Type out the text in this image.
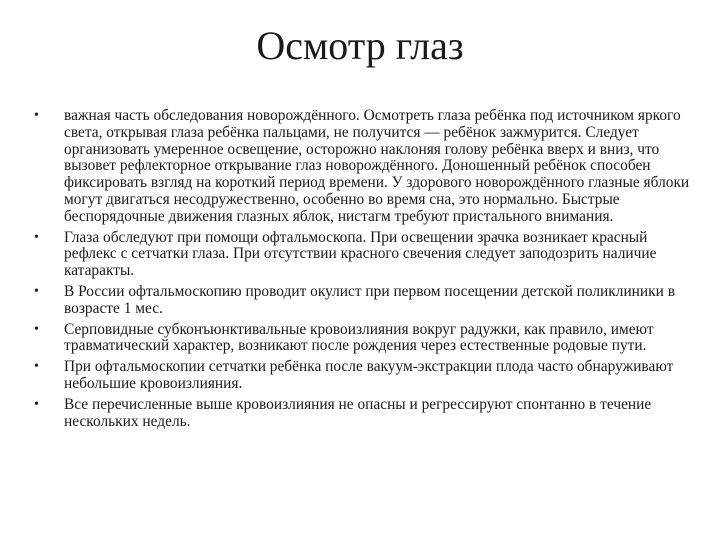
Осмотр глаз
• важная часть обследования новорождённого. Осмотреть глаза ребёнка под источником яркого света, открывая глаза ребёнка пальцами, не получится — ребёнок зажмурится. Следует организовать умеренное освещение, осторожно наклоняя голову ребёнка вверх и вниз, что вызовет рефлекторное открывание глаз новорождённого. Доношенный ребёнок способен фиксировать взгляд на короткий период времени. У здорового новорождённого глазные яблоки могут двигаться несодружественно, особенно во время сна, это нормально. Быстрые беспорядочные движения глазных яблок, нистагм требуют пристального внимания.
• Глаза обследуют при помощи офтальмоскопа. При освещении зрачка возникает красный рефлекс с сетчатки глаза. При отсутствии красного свечения следует заподозрить наличие катаракты.
• В России офтальмоскопию проводит окулист при первом посещении детской поликлиники в возрасте 1 мес.
• Серповидные субконъюнктивальные кровоизлияния вокруг радужки, как правило, имеют травматический характер, возникают после рождения через естественные родовые пути.
• При офтальмоскопии сетчатки ребёнка после вакуум-экстракции плода часто обнаруживают небольшие кровоизлияния.
• Все перечисленные выше кровоизлияния не опасны и регрессируют спонтанно в течение нескольких недель.
